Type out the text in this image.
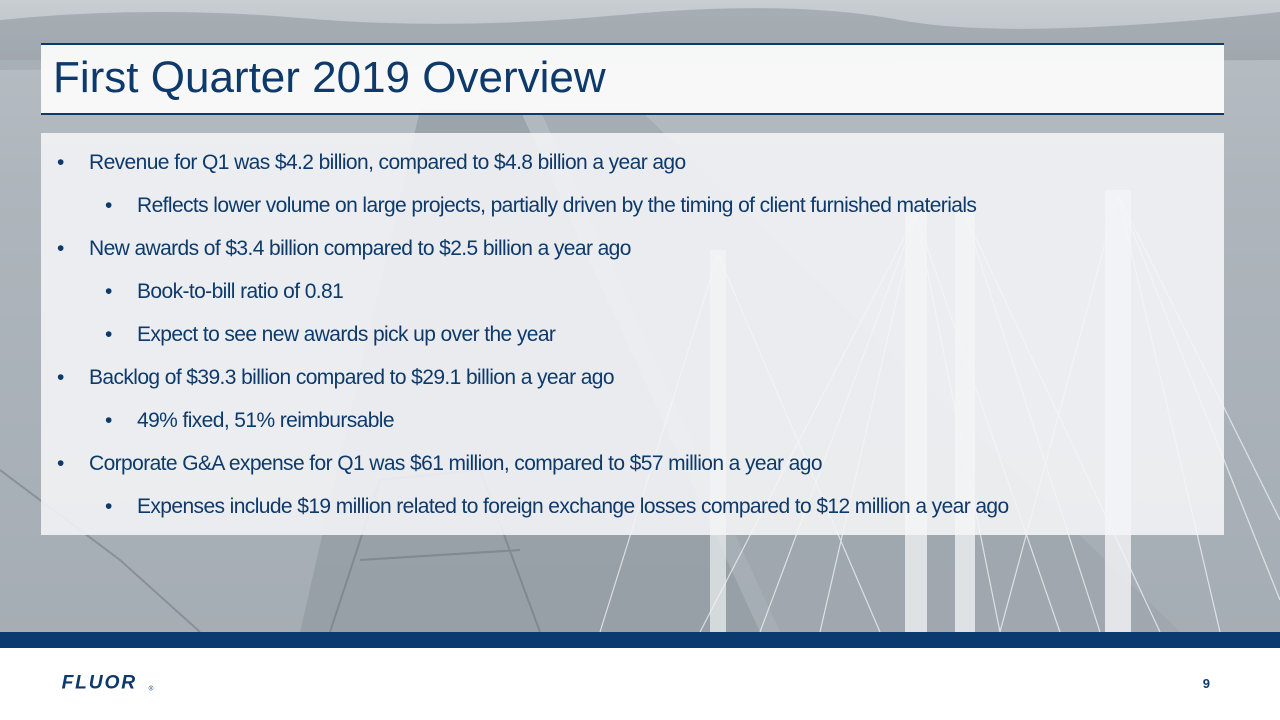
First Quarter 2019 Overview
• Revenue for Q1 was $4.2 billion, compared to $4.8 billion a year ago
• Reflects lower volume on large projects, partially driven by the timing of client furnished materials
• New awards of $3.4 billion compared to $2.5 billion a year ago
• Book-to-bill ratio of 0.81
• Expect to see new awards pick up over the year
• Backlog of $39.3 billion compared to $29.1 billion a year ago
• 49% fixed, 51% reimbursable
• Corporate G&A expense for Q1 was $61 million, compared to $57 million a year ago
• Expenses include $19 million related to foreign exchange losses compared to $12 million a year ago
FLUOR ®	9
